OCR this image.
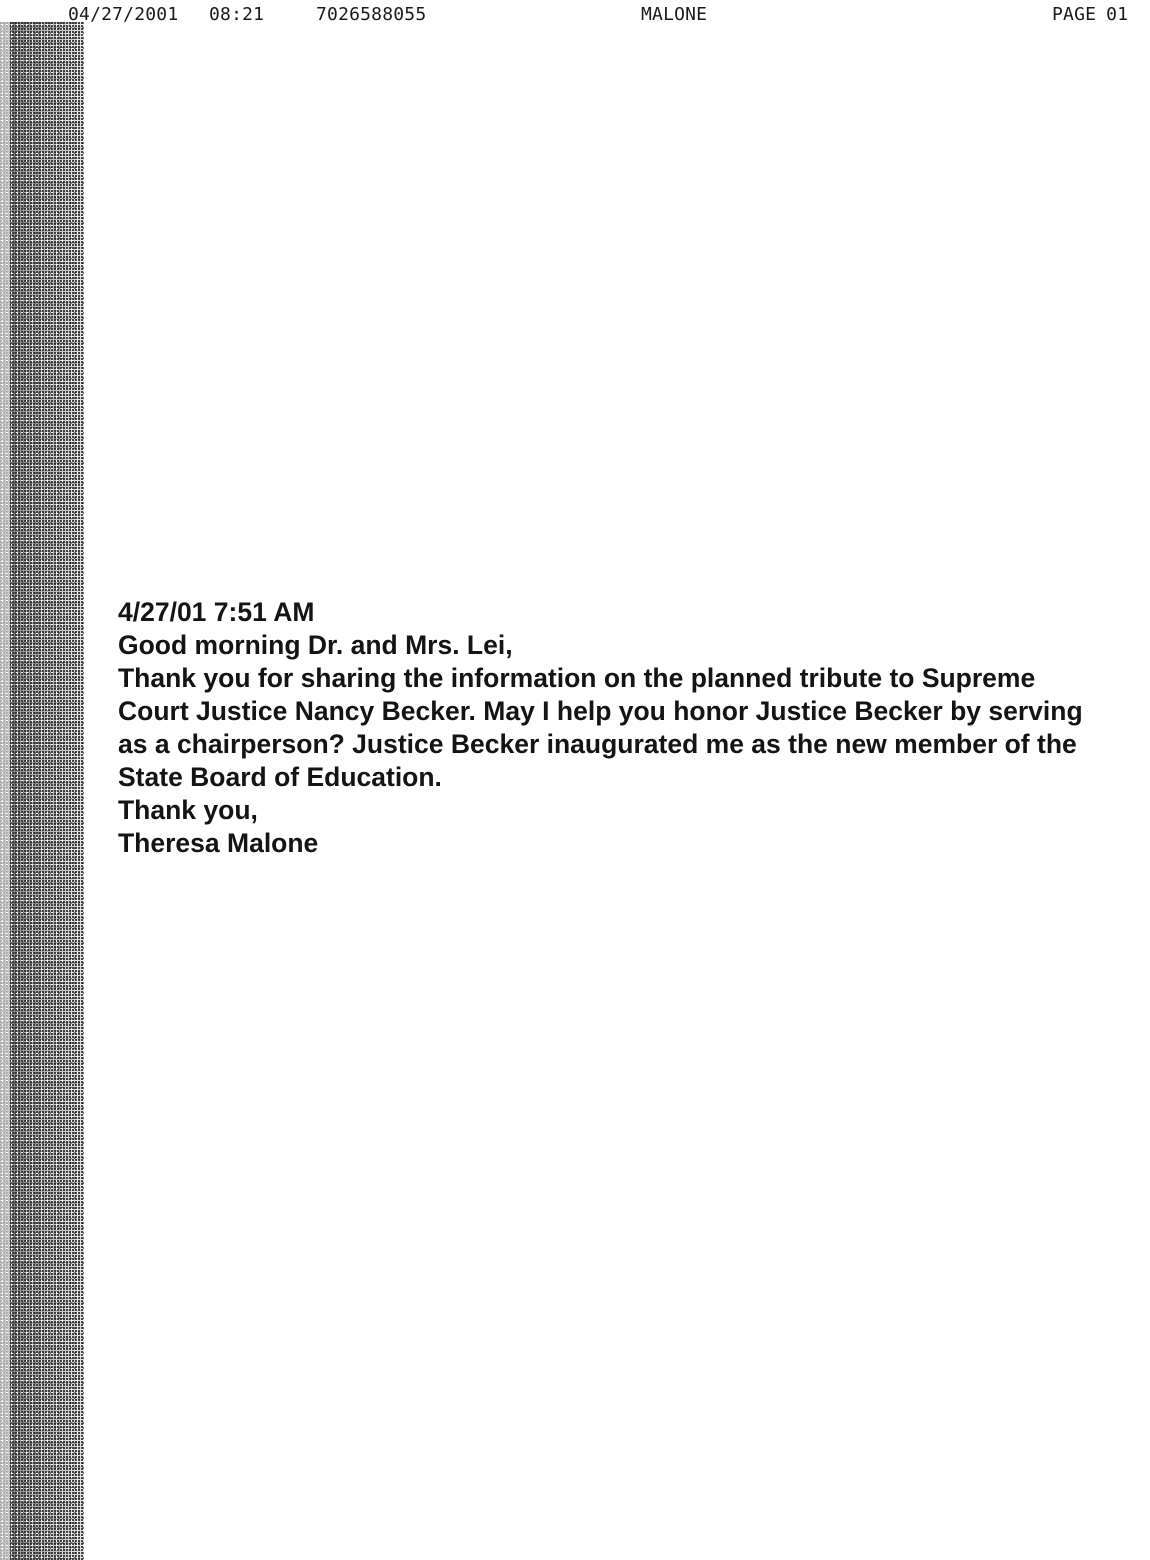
04/27/2001 08:21	7026588055	MALONE	PAGE 01

4/27/01 7:51 AM

Good morning Dr. and Mrs. Lei,

Thank you for sharing the information on the planned tribute to Supreme Court Justice Nancy Becker. May I help you honor Justice Becker by serving as a chairperson? Justice Becker inaugurated me as the new member of the State Board of Education.

Thank you,

Theresa Malone
